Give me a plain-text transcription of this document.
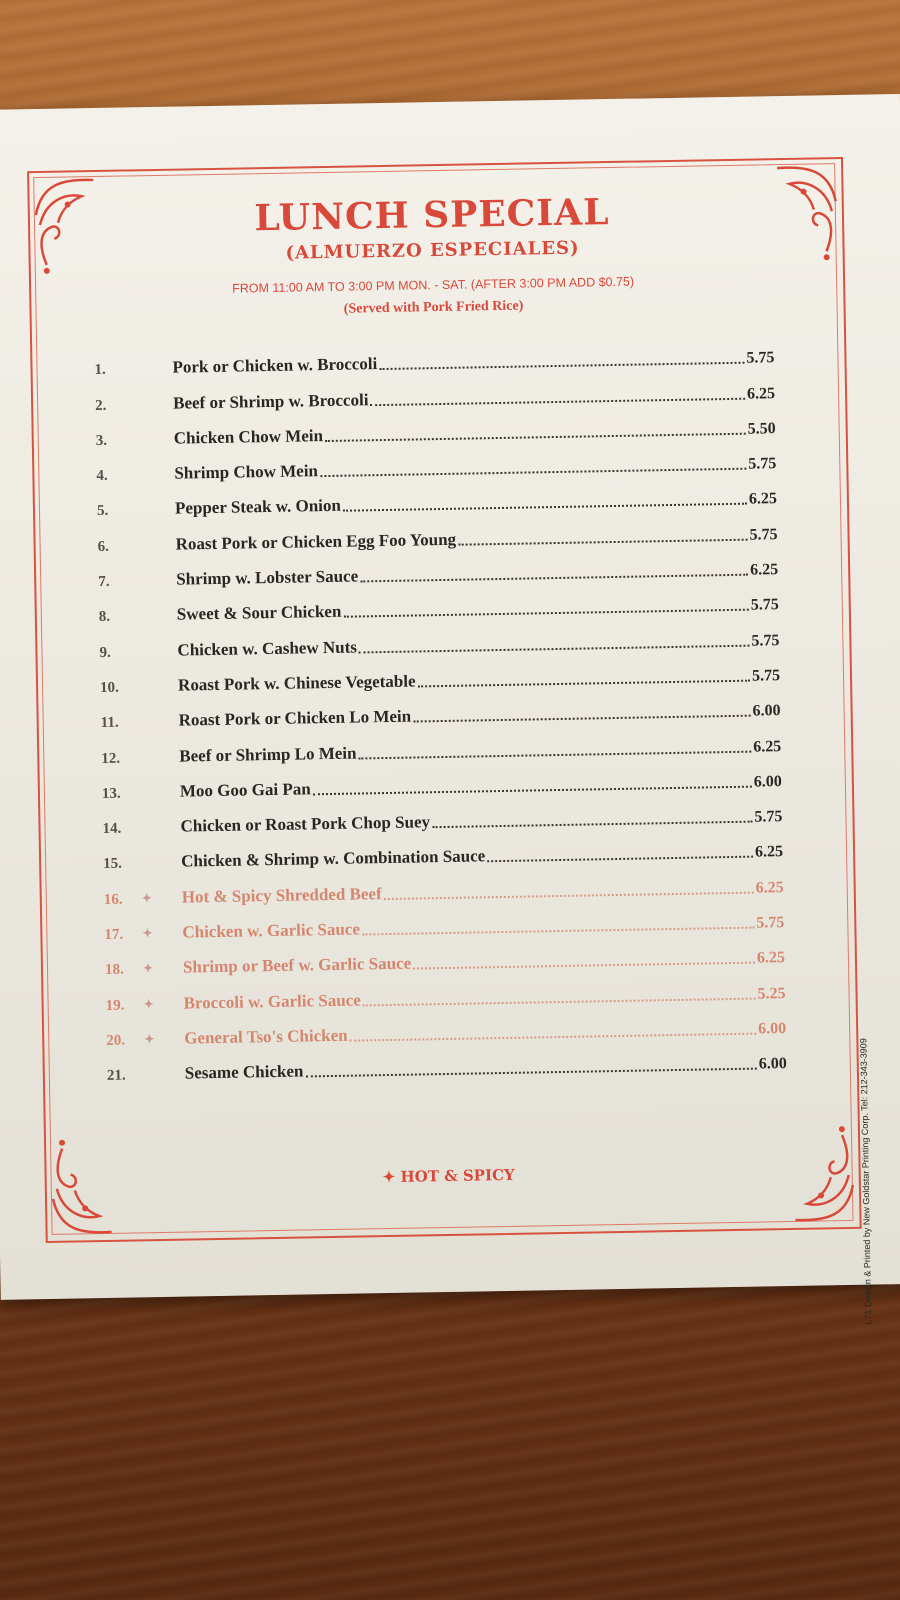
LUNCH SPECIAL
(ALMUERZO ESPECIALES)
FROM 11:00 AM TO 3:00 PM MON. - SAT. (AFTER 3:00 PM ADD $0.75)
(Served with Pork Fried Rice)
1.	Pork or Chicken w. Broccoli	5.75
2.	Beef or Shrimp w. Broccoli	6.25
3.	Chicken Chow Mein	5.50
4.	Shrimp Chow Mein	5.75
5.	Pepper Steak w. Onion	6.25
6.	Roast Pork or Chicken Egg Foo Young	5.75
7.	Shrimp w. Lobster Sauce	6.25
8.	Sweet & Sour Chicken	5.75
9.	Chicken w. Cashew Nuts	5.75
10.	Roast Pork w. Chinese Vegetable	5.75
11.	Roast Pork or Chicken Lo Mein	6.00
12.	Beef or Shrimp Lo Mein	6.25
13.	Moo Goo Gai Pan	6.00
14.	Chicken or Roast Pork Chop Suey	5.75
15.	Chicken & Shrimp w. Combination Sauce	6.25
16.	✦ Hot & Spicy Shredded Beef	6.25
17.	✦ Chicken w. Garlic Sauce	5.75
18.	✦ Shrimp or Beef w. Garlic Sauce	6.25
19.	✦ Broccoli w. Garlic Sauce	5.25
20.	✦ General Tso's Chicken	6.00
21.	Sesame Chicken	6.00
✦ HOT & SPICY	L71 Design & Printed by New Goldstar Printing Corp. Tel: 212-343-3909
